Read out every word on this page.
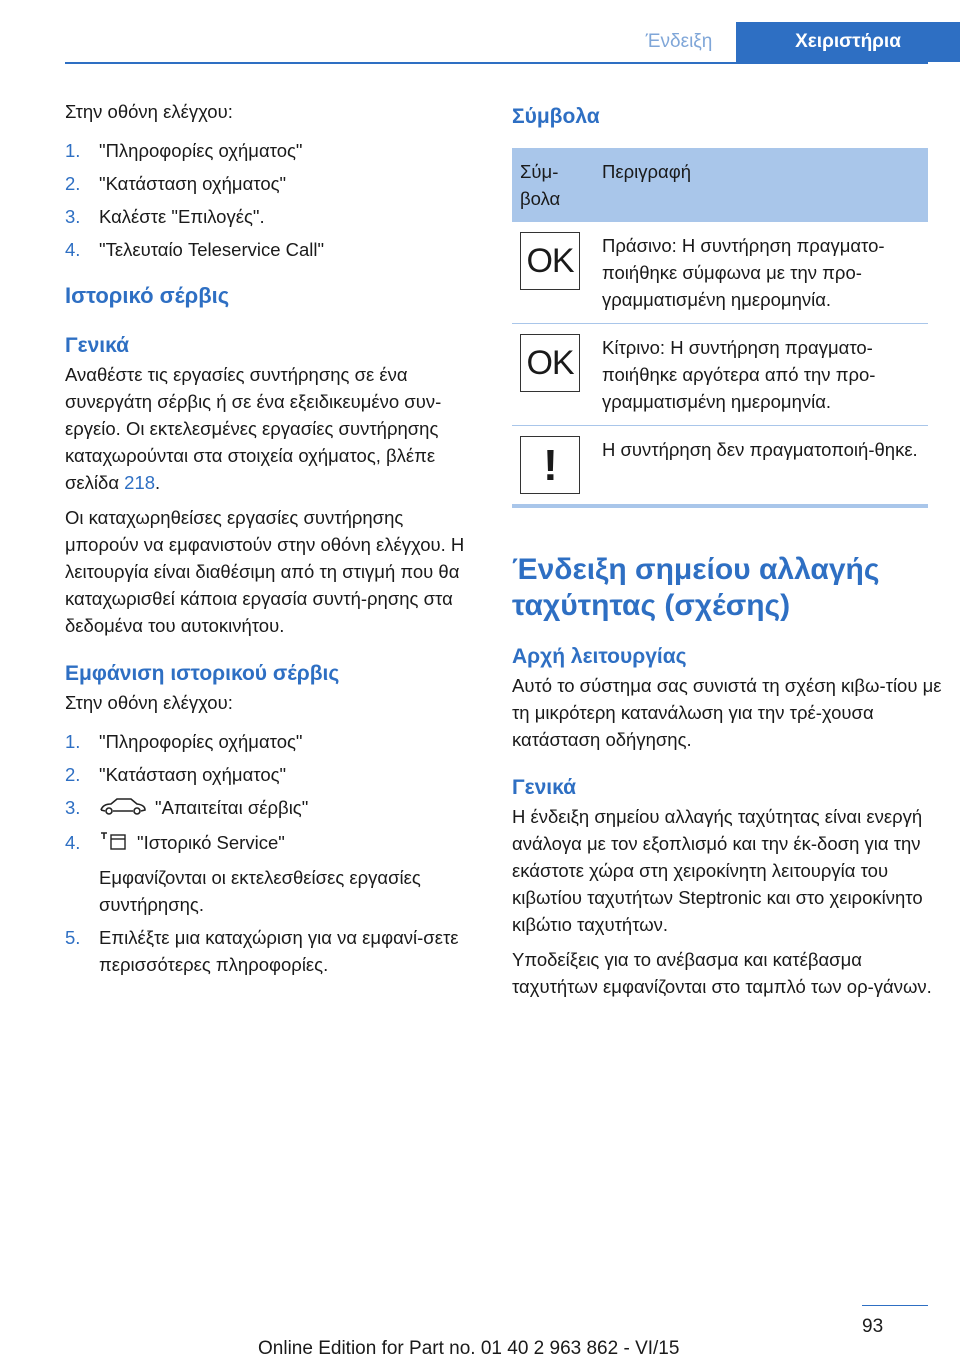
Ένδειξη	Χειριστήρια

Στην οθόνη ελέγχου:

1.	"Πληροφορίες οχήματος"
2.	"Κατάσταση οχήματος"
3.	Καλέστε "Επιλογές".
4.	"Τελευταίο Teleservice Call"
Ιστορικό σέρβις
Γενικά

Αναθέστε τις εργασίες συντήρησης σε ένα συνεργάτη σέρβις ή σε ένα εξειδικευμένο συν-εργείο. Οι εκτελεσμένες εργασίες συντήρησης καταχωρούνται στα στοιχεία οχήματος, βλέπε σελίδα 218.

Οι καταχωρηθείσες εργασίες συντήρησης μπορούν να εμφανιστούν στην οθόνη ελέγχου. Η λειτουργία είναι διαθέσιμη από τη στιγμή που θα καταχωρισθεί κάποια εργασία συντή-ρησης στα δεδομένα του αυτοκινήτου.

Εμφάνιση ιστορικού σέρβις

Στην οθόνη ελέγχου:

1.	"Πληροφορίες οχήματος"
2.	"Κατάσταση οχήματος"
3.	"Απαιτείται σέρβις"
4.	"Ιστορικό Service"
Εμφανίζονται οι εκτελεσθείσες εργασίες συντήρησης.
5.	Επιλέξτε μια καταχώριση για να εμφανί-σετε περισσότερες πληροφορίες.
Σύμβολα
Σύμ-βολα	Περιγραφή

OK	Πράσινο: Η συντήρηση πραγματο-ποιήθηκε σύμφωνα με την προ-γραμματισμένη ημερομηνία.

OK	Κίτρινο: Η συντήρηση πραγματο-ποιήθηκε αργότερα από την προ-γραμματισμένη ημερομηνία.

!	Η συντήρηση δεν πραγματοποιή-θηκε.
Ένδειξη σημείου αλλαγής ταχύτητας (σχέσης)
Αρχή λειτουργίας

Αυτό το σύστημα σας συνιστά τη σχέση κιβω-τίου με τη μικρότερη κατανάλωση για την τρέ-χουσα κατάσταση οδήγησης.

Γενικά

Η ένδειξη σημείου αλλαγής ταχύτητας είναι ενεργή ανάλογα με τον εξοπλισμό και την έκ-δοση για την εκάστοτε χώρα στη χειροκίνητη λειτουργία του κιβωτίου ταχυτήτων Steptronic και στο χειροκίνητο κιβώτιο ταχυτήτων.

Υποδείξεις για το ανέβασμα και κατέβασμα ταχυτήτων εμφανίζονται στο ταμπλό των ορ-γάνων.

93
Online Edition for Part no. 01 40 2 963 862 - VI/15
